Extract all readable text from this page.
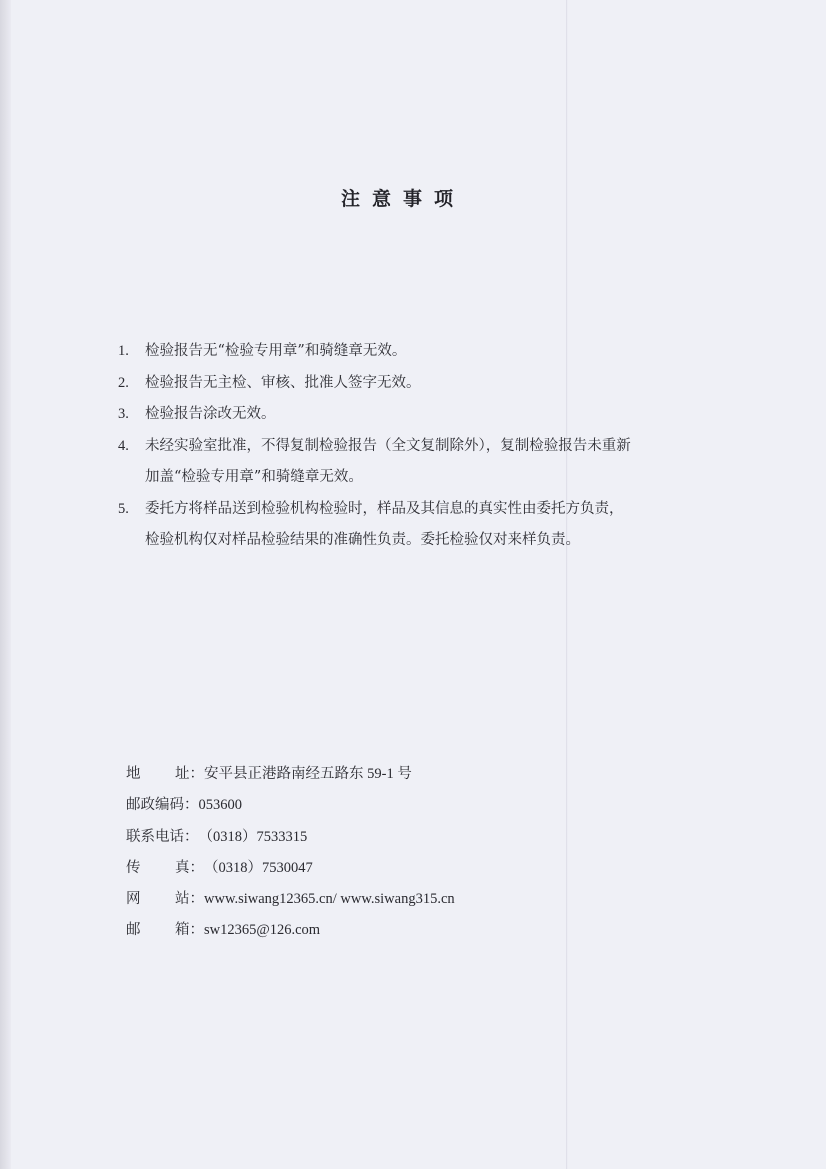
注意事项
1. 检验报告无“检验专用章”和骑缝章无效。
2. 检验报告无主检、审核、批准人签字无效。
3. 检验报告涂改无效。
4. 未经实验室批准，不得复制检验报告（全文复制除外），复制检验报告未重新
加盖“检验专用章”和骑缝章无效。
5. 委托方将样品送到检验机构检验时，样品及其信息的真实性由委托方负责，
检验机构仅对样品检验结果的准确性负责。委托检验仅对来样负责。
地 址： 安平县正港路南经五路东 59-1 号
邮政编码： 053600
联系电话： （0318）7533315
传 真： （0318）7530047
网 站： www.siwang12365.cn/ www.siwang315.cn
邮 箱： sw12365@126.com
